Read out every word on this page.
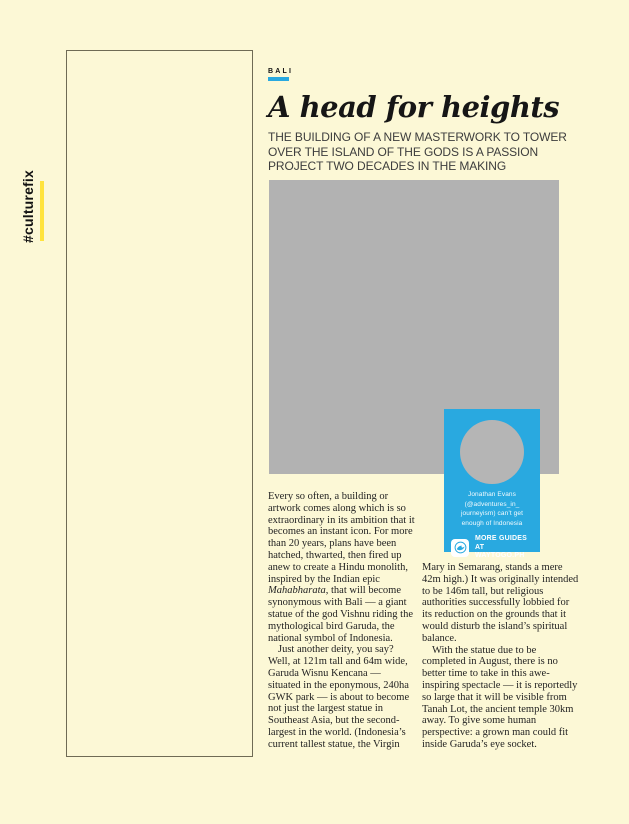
#culturefix
BALI
A head for heights
THE BUILDING OF A NEW MASTERWORK TO TOWER OVER THE ISLAND OF THE GODS IS A PASSION PROJECT TWO DECADES IN THE MAKING
Jonathan Evans
(@adventures_in_
journeyism) can’t get
enough of Indonesia
MORE GUIDES AT
WAYTOGO.PH

Every so often, a building or artwork comes along which is so extraordinary in its ambition that it becomes an instant icon. For more than 20 years, plans have been hatched, thwarted, then fired up anew to create a Hindu monolith, inspired by the Indian epic Mahabharata, that will become synonymous with Bali — a giant statue of the god Vishnu riding the mythological bird Garuda, the national symbol of Indonesia.

Just another deity, you say? Well, at 121m tall and 64m wide, Garuda Wisnu Kencana — situated in the eponymous, 240ha GWK park — is about to become not just the largest statue in Southeast Asia, but the second-largest in the world. (Indonesia’s current tallest statue, the Virgin

Mary in Semarang, stands a mere 42m high.) It was originally intended to be 146m tall, but religious authorities successfully lobbied for its reduction on the grounds that it would disturb the island’s spiritual balance.

With the statue due to be completed in August, there is no better time to take in this awe-inspiring spectacle — it is reportedly so large that it will be visible from Tanah Lot, the ancient temple 30km away. To give some human perspective: a grown man could fit inside Garuda’s eye socket.
